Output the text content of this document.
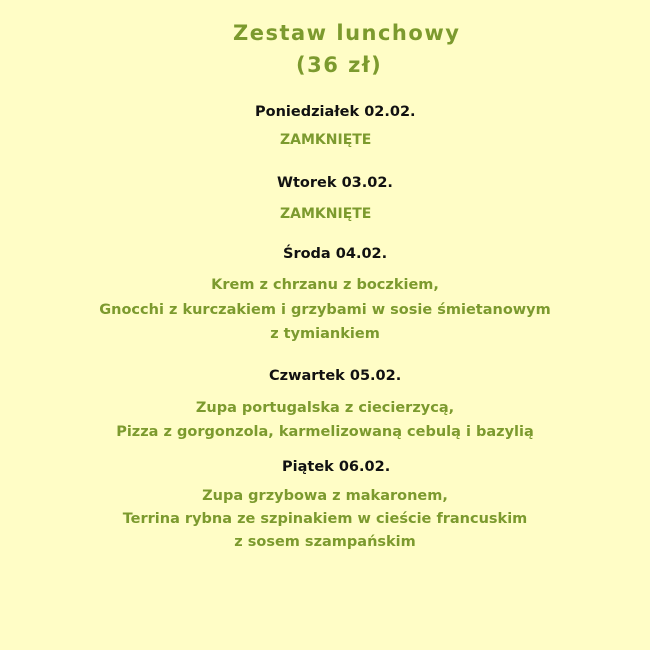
Zestaw lunchowy
(36 zł)
Poniedziałek 02.02.
ZAMKNIĘTE
Wtorek 03.02.
ZAMKNIĘTE
Środa 04.02.
Krem z chrzanu z boczkiem,
Gnocchi z kurczakiem i grzybami w sosie śmietanowym
z tymiankiem
Czwartek 05.02.
Zupa portugalska z ciecierzycą,
Pizza z gorgonzola, karmelizowaną cebulą i bazylią
Piątek 06.02.
Zupa grzybowa z makaronem,
Terrina rybna ze szpinakiem w cieście francuskim
z sosem szampańskim
